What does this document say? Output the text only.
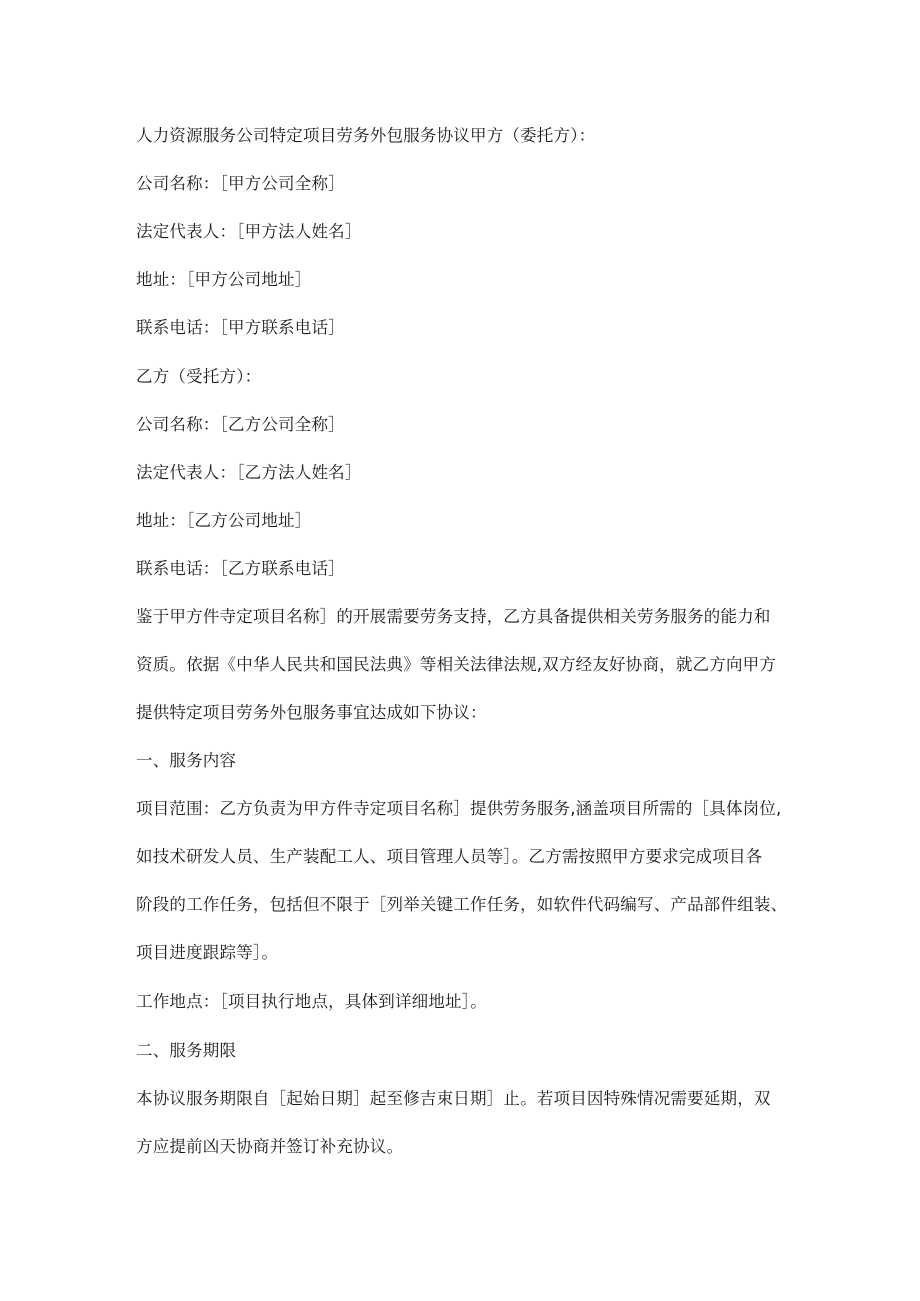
人力资源服务公司特定项目劳务外包服务协议甲方（委托方）：
公司名称：［甲方公司全称］
法定代表人：［甲方法人姓名］
地址：［甲方公司地址］
联系电话：［甲方联系电话］
乙方（受托方）：
公司名称：［乙方公司全称］
法定代表人：［乙方法人姓名］
地址：［乙方公司地址］
联系电话：［乙方联系电话］
鉴于甲方件寺定项目名称］的开展需要劳务支持，乙方具备提供相关劳务服务的能力和
资质。依据《中华人民共和国民法典》等相关法律法规,双方经友好协商，就乙方向甲方
提供特定项目劳务外包服务事宜达成如下协议：
一、服务内容
项目范围：乙方负责为甲方件寺定项目名称］提供劳务服务,涵盖项目所需的［具体岗位,
如技术研发人员、生产装配工人、项目管理人员等］。乙方需按照甲方要求完成项目各
阶段的工作任务，包括但不限于［列举关键工作任务，如软件代码编写、产品部件组装、
项目进度跟踪等］。
工作地点：［项目执行地点，具体到详细地址］。
二、服务期限
本协议服务期限自［起始日期］起至修吉束日期］止。若项目因特殊情况需要延期，双
方应提前凶天协商并签订补充协议。
